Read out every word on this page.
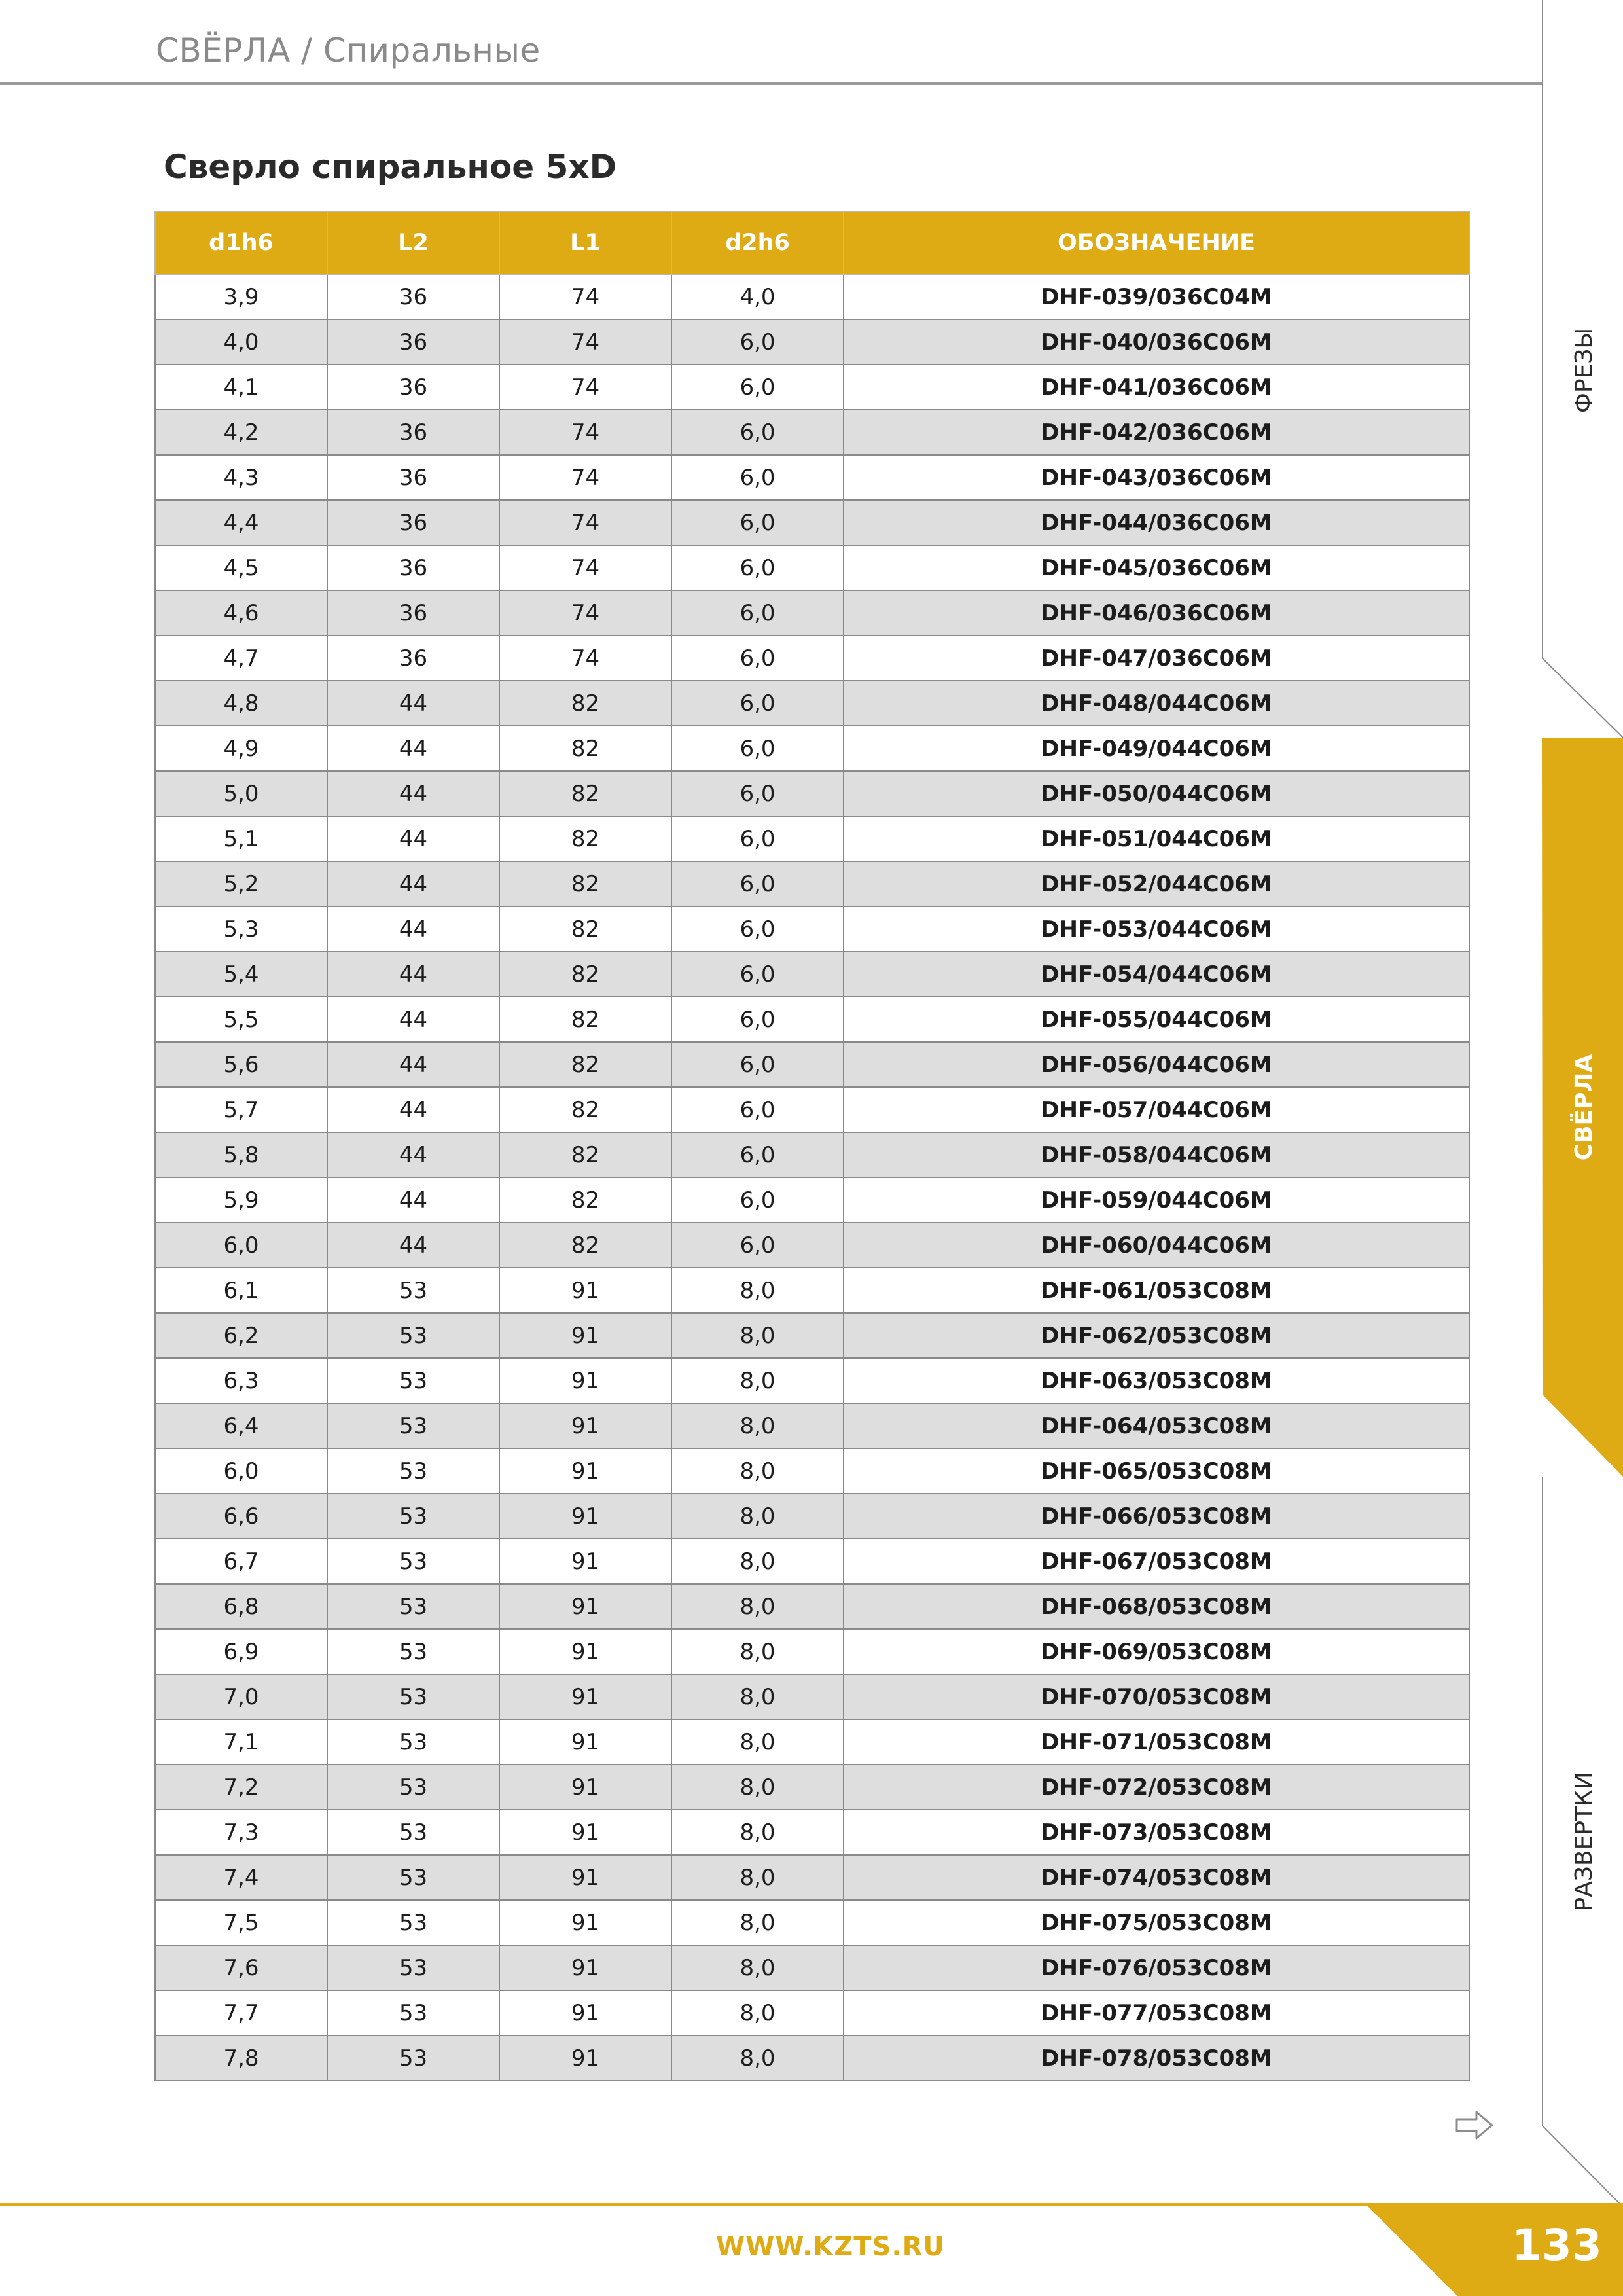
СВЁРЛА / Спиральные
ФРЕЗЫ
СВЁРЛА
РАЗВЕРТКИ
Сверло спиральное 5xD
d1h6	L2	L1	d2h6	ОБОЗНАЧЕНИЕ
3,9	36	74	4,0	DHF-039/036C04M
4,0	36	74	6,0	DHF-040/036C06M
4,1	36	74	6,0	DHF-041/036C06M
4,2	36	74	6,0	DHF-042/036C06M
4,3	36	74	6,0	DHF-043/036C06M
4,4	36	74	6,0	DHF-044/036C06M
4,5	36	74	6,0	DHF-045/036C06M
4,6	36	74	6,0	DHF-046/036C06M
4,7	36	74	6,0	DHF-047/036C06M
4,8	44	82	6,0	DHF-048/044C06M
4,9	44	82	6,0	DHF-049/044C06M
5,0	44	82	6,0	DHF-050/044C06M
5,1	44	82	6,0	DHF-051/044C06M
5,2	44	82	6,0	DHF-052/044C06M
5,3	44	82	6,0	DHF-053/044C06M
5,4	44	82	6,0	DHF-054/044C06M
5,5	44	82	6,0	DHF-055/044C06M
5,6	44	82	6,0	DHF-056/044C06M
5,7	44	82	6,0	DHF-057/044C06M
5,8	44	82	6,0	DHF-058/044C06M
5,9	44	82	6,0	DHF-059/044C06M
6,0	44	82	6,0	DHF-060/044C06M
6,1	53	91	8,0	DHF-061/053C08M
6,2	53	91	8,0	DHF-062/053C08M
6,3	53	91	8,0	DHF-063/053C08M
6,4	53	91	8,0	DHF-064/053C08M
6,0	53	91	8,0	DHF-065/053C08M
6,6	53	91	8,0	DHF-066/053C08M
6,7	53	91	8,0	DHF-067/053C08M
6,8	53	91	8,0	DHF-068/053C08M
6,9	53	91	8,0	DHF-069/053C08M
7,0	53	91	8,0	DHF-070/053C08M
7,1	53	91	8,0	DHF-071/053C08M
7,2	53	91	8,0	DHF-072/053C08M
7,3	53	91	8,0	DHF-073/053C08M
7,4	53	91	8,0	DHF-074/053C08M
7,5	53	91	8,0	DHF-075/053C08M
7,6	53	91	8,0	DHF-076/053C08M
7,7	53	91	8,0	DHF-077/053C08M
7,8	53	91	8,0	DHF-078/053C08M
WWW.KZTS.RU	133
